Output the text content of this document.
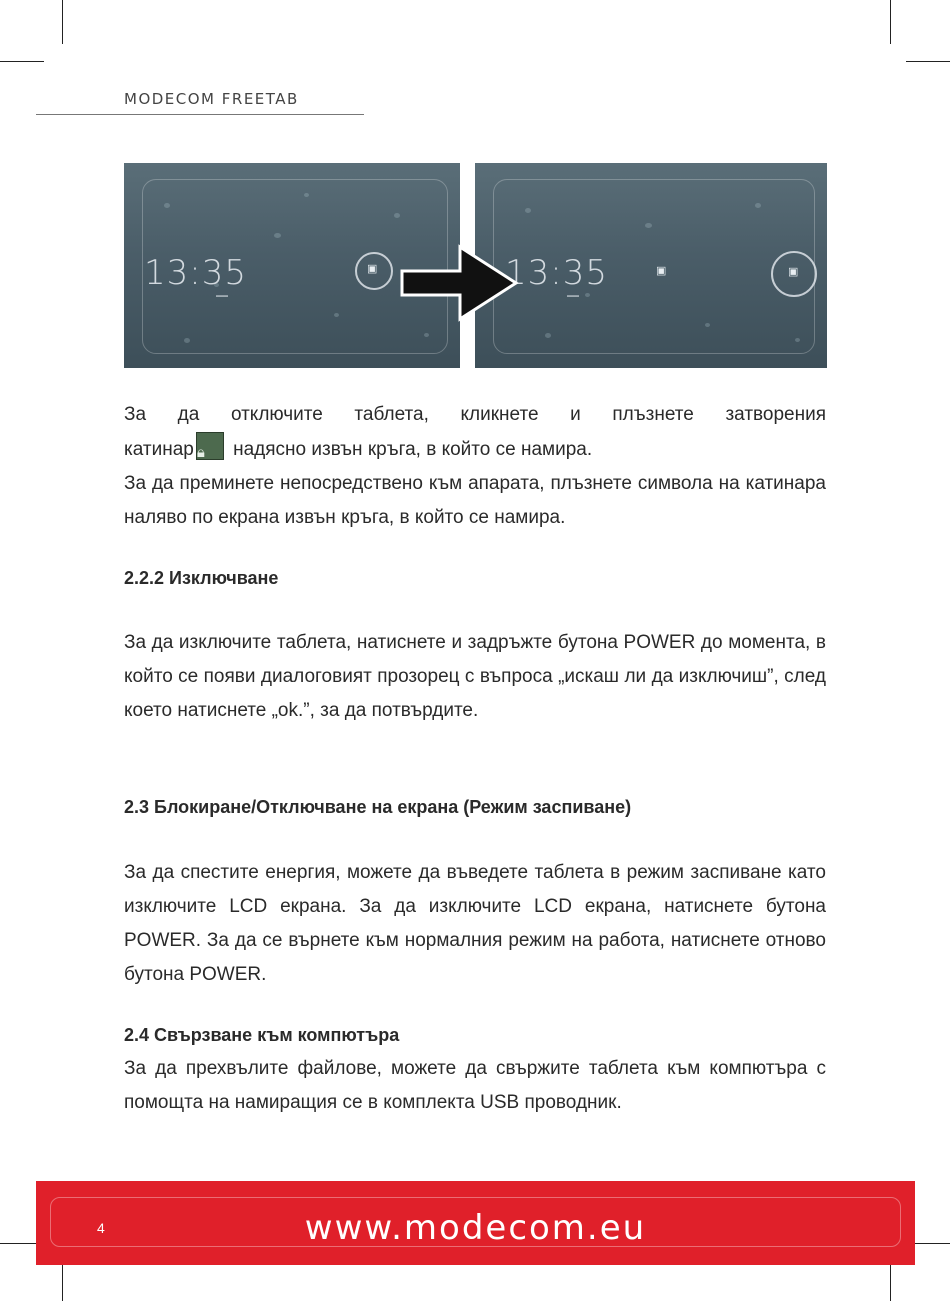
MODECOM FREETAB
13:35
▬▬
▣	13:35
▬▬
▣	▣

За да отключите таблета, кликнете и плъзнете затворения

катинар 🔒︎	надясно извън кръга, в който се намира.

За да преминете непосредствено към апарата, плъзнете символа на катинара наляво по екрана извън кръга, в който се намира.

2.2.2 Изключване

За да изключите таблета, натиснете и задръжте бутона POWER до момента, в който се появи диалоговият прозорец с въпроса „искаш ли да изключиш”, след което натиснете „ok.”, за да потвърдите.

2.3 Блокиране/Отключване на екрана (Режим заспиване)

За да спестите енергия, можете да въведете таблета в режим заспиване като изключите LCD екрана. За да изключите LCD екрана, натиснете бутона POWER. За да се върнете към нормалния режим на работа, натиснете отново бутона POWER.

2.4 Свързване към компютъра

За да прехвълите файлове, можете да свържите таблета към компютъра с помощта на намиращия се в комплекта USB проводник.

4	www.modecom.eu
